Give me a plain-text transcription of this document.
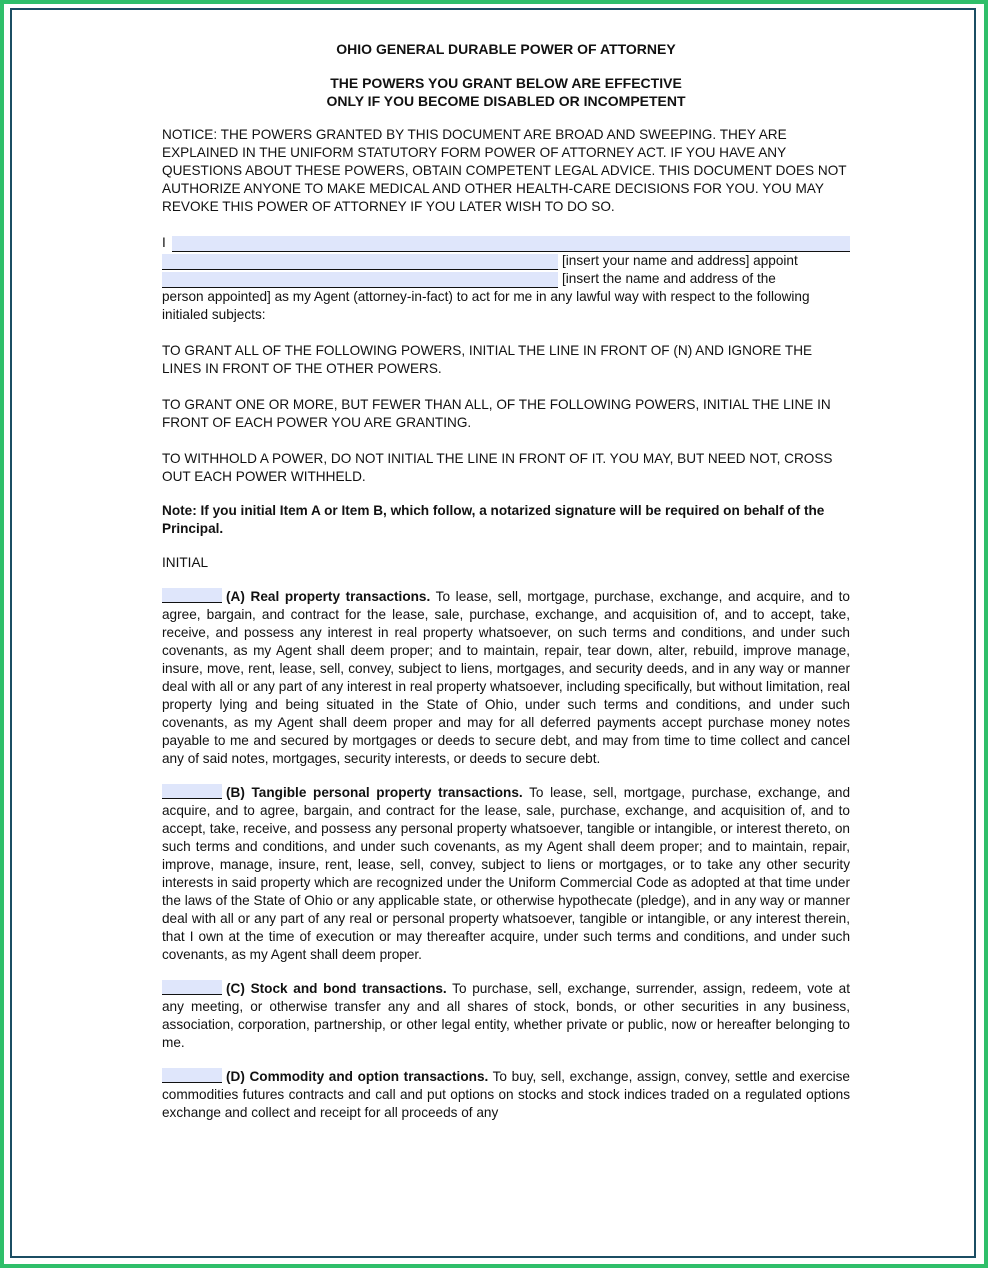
OHIO GENERAL DURABLE POWER OF ATTORNEY

THE POWERS YOU GRANT BELOW ARE EFFECTIVE
ONLY IF YOU BECOME DISABLED OR INCOMPETENT

NOTICE: THE POWERS GRANTED BY THIS DOCUMENT ARE BROAD AND SWEEPING. THEY ARE EXPLAINED IN THE UNIFORM STATUTORY FORM POWER OF ATTORNEY ACT. IF YOU HAVE ANY QUESTIONS ABOUT THESE POWERS, OBTAIN COMPETENT LEGAL ADVICE. THIS DOCUMENT DOES NOT AUTHORIZE ANYONE TO MAKE MEDICAL AND OTHER HEALTH-CARE DECISIONS FOR YOU. YOU MAY REVOKE THIS POWER OF ATTORNEY IF YOU LATER WISH TO DO SO.

I
[insert your name and address] appoint
[insert the name and address of the

person appointed] as my Agent (attorney-in-fact) to act for me in any lawful way with respect to the following initialed subjects:

TO GRANT ALL OF THE FOLLOWING POWERS, INITIAL THE LINE IN FRONT OF (N) AND IGNORE THE LINES IN FRONT OF THE OTHER POWERS.

TO GRANT ONE OR MORE, BUT FEWER THAN ALL, OF THE FOLLOWING POWERS, INITIAL THE LINE IN FRONT OF EACH POWER YOU ARE GRANTING.

TO WITHHOLD A POWER, DO NOT INITIAL THE LINE IN FRONT OF IT. YOU MAY, BUT NEED NOT, CROSS OUT EACH POWER WITHHELD.

Note: If you initial Item A or Item B, which follow, a notarized signature will be required on behalf of the Principal.

INITIAL

(A) Real property transactions. To lease, sell, mortgage, purchase, exchange, and acquire, and to agree, bargain, and contract for the lease, sale, purchase, exchange, and acquisition of, and to accept, take, receive, and possess any interest in real property whatsoever, on such terms and conditions, and under such covenants, as my Agent shall deem proper; and to maintain, repair, tear down, alter, rebuild, improve manage, insure, move, rent, lease, sell, convey, subject to liens, mortgages, and security deeds, and in any way or manner deal with all or any part of any interest in real property whatsoever, including specifically, but without limitation, real property lying and being situated in the State of Ohio, under such terms and conditions, and under such covenants, as my Agent shall deem proper and may for all deferred payments accept purchase money notes payable to me and secured by mortgages or deeds to secure debt, and may from time to time collect and cancel any of said notes, mortgages, security interests, or deeds to secure debt.

(B) Tangible personal property transactions. To lease, sell, mortgage, purchase, exchange, and acquire, and to agree, bargain, and contract for the lease, sale, purchase, exchange, and acquisition of, and to accept, take, receive, and possess any personal property whatsoever, tangible or intangible, or interest thereto, on such terms and conditions, and under such covenants, as my Agent shall deem proper; and to maintain, repair, improve, manage, insure, rent, lease, sell, convey, subject to liens or mortgages, or to take any other security interests in said property which are recognized under the Uniform Commercial Code as adopted at that time under the laws of the State of Ohio or any applicable state, or otherwise hypothecate (pledge), and in any way or manner deal with all or any part of any real or personal property whatsoever, tangible or intangible, or any interest therein, that I own at the time of execution or may thereafter acquire, under such terms and conditions, and under such covenants, as my Agent shall deem proper.

(C) Stock and bond transactions. To purchase, sell, exchange, surrender, assign, redeem, vote at any meeting, or otherwise transfer any and all shares of stock, bonds, or other securities in any business, association, corporation, partnership, or other legal entity, whether private or public, now or hereafter belonging to me.

(D) Commodity and option transactions. To buy, sell, exchange, assign, convey, settle and exercise commodities futures contracts and call and put options on stocks and stock indices traded on a regulated options exchange and collect and receipt for all proceeds of any
